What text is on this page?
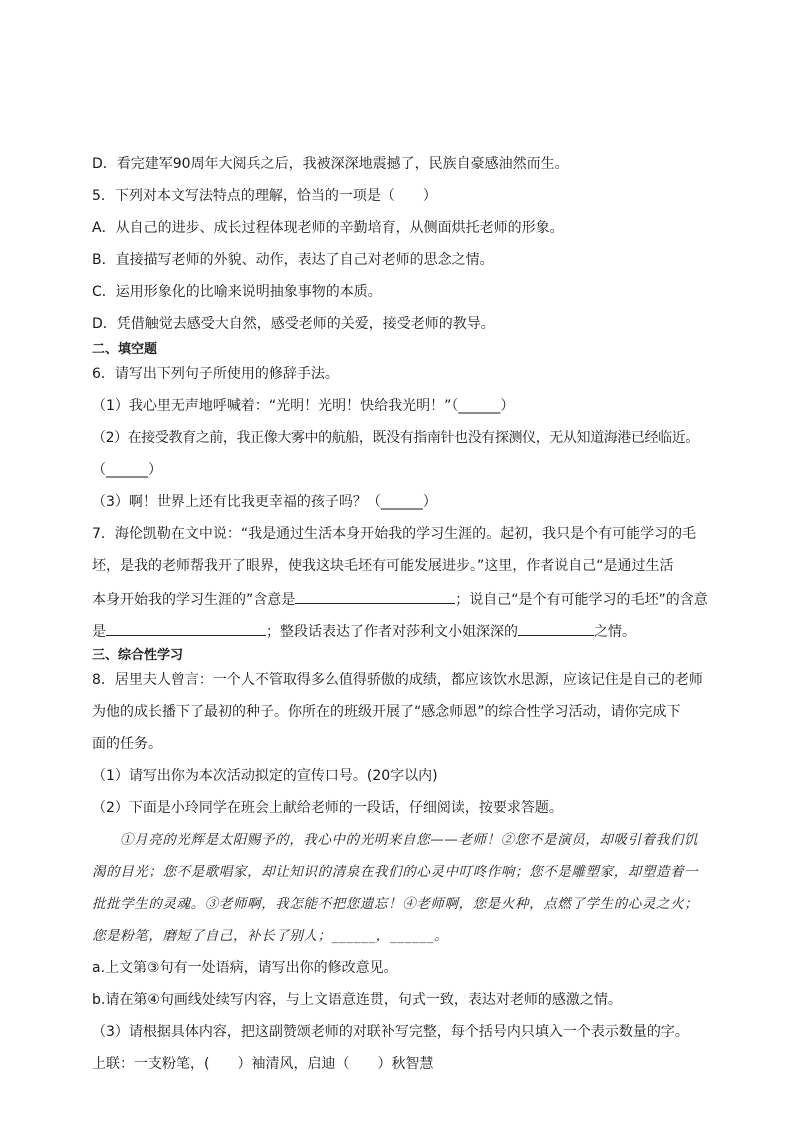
D．看完建军90周年大阅兵之后，我被深深地震撼了，民族自豪感油然而生。
5．下列对本文写法特点的理解，恰当的一项是（　　）
A．从自己的进步、成长过程体现老师的辛勤培育，从侧面烘托老师的形象。
B．直接描写老师的外貌、动作，表达了自己对老师的思念之情。
C．运用形象化的比喻来说明抽象事物的本质。
D．凭借触觉去感受大自然，感受老师的关爱，接受老师的教导。
二、填空题
6．请写出下列句子所使用的修辞手法。
（1）我心里无声地呼喊着：“光明！光明！快给我光明！”（______）
（2）在接受教育之前，我正像大雾中的航船，既没有指南针也没有探测仪，无从知道海港已经临近。
（______）
（3）啊！世界上还有比我更幸福的孩子吗？（______）
7．海伦凯勒在文中说：“我是通过生活本身开始我的学习生涯的。起初，我只是个有可能学习的毛
坯，是我的老师帮我开了眼界，使我这块毛坯有可能发展进步。”这里，作者说自己“是通过生活
本身开始我的学习生涯的”含意是	；说自己“是个有可能学习的毛坯”的含意
是	；整段话表达了作者对莎利文小姐深深的	之情。
三、综合性学习
8．居里夫人曾言：一个人不管取得多么值得骄傲的成绩，都应该饮水思源，应该记住是自己的老师
为他的成长播下了最初的种子。你所在的班级开展了“感念师恩”的综合性学习活动，请你完成下
面的任务。
（1）请写出你为本次活动拟定的宣传口号。(20字以内)
（2）下面是小玲同学在班会上献给老师的一段话，仔细阅读，按要求答题。
①月亮的光辉是太阳赐予的，我心中的光明来自您——老师！②您不是演员，却吸引着我们饥
渴的目光；您不是歌唱家，却让知识的清泉在我们的心灵中叮咚作响；您不是雕塑家，却塑造着一
批批学生的灵魂。③老师啊，我怎能不把您遗忘！④老师啊，您是火种，点燃了学生的心灵之火；
您是粉笔，磨短了自己，补长了别人；______，______。
a.上文第③句有一处语病，请写出你的修改意见。
b.请在第④句画线处续写内容，与上文语意连贯，句式一致，表达对老师的感激之情。
（3）请根据具体内容，把这副赞颂老师的对联补写完整，每个括号内只填入一个表示数量的字。
上联：一支粉笔，(　　）袖清风，启迪（　　）秋智慧
